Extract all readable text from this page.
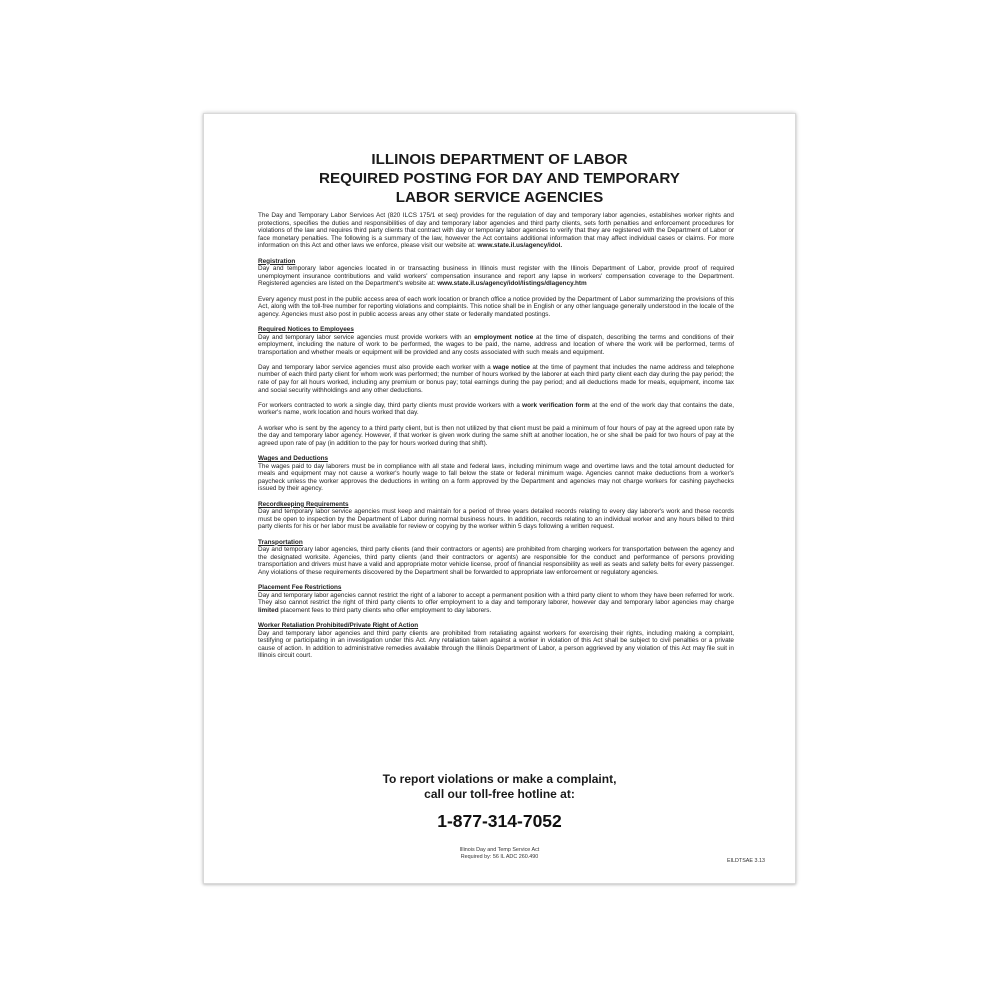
ILLINOIS DEPARTMENT OF LABOR
REQUIRED POSTING FOR DAY AND TEMPORARY
LABOR SERVICE AGENCIES
The Day and Temporary Labor Services Act (820 ILCS 175/1 et seq) provides for the regulation of day and temporary labor agencies, establishes worker rights and protections, specifies the duties and responsibilities of day and temporary labor agencies and third party clients, sets forth penalties and enforcement procedures for violations of the law and requires third party clients that contract with day or temporary labor agencies to verify that they are registered with the Department of Labor or face monetary penalties. The following is a summary of the law, however the Act contains additional information that may affect individual cases or claims. For more information on this Act and other laws we enforce, please visit our website at: www.state.il.us/agency/idol.
Registration
Day and temporary labor agencies located in or transacting business in Illinois must register with the Illinois Department of Labor, provide proof of required unemployment insurance contributions and valid workers' compensation insurance and report any lapse in workers' compensation coverage to the Department. Registered agencies are listed on the Department's website at: www.state.il.us/agency/idol/listings/dlagency.htm
Every agency must post in the public access area of each work location or branch office a notice provided by the Department of Labor summarizing the provisions of this Act, along with the toll-free number for reporting violations and complaints. This notice shall be in English or any other language generally understood in the locale of the agency. Agencies must also post in public access areas any other state or federally mandated postings.
Required Notices to Employees
Day and temporary labor service agencies must provide workers with an employment notice at the time of dispatch, describing the terms and conditions of their employment, including the nature of work to be performed, the wages to be paid, the name, address and location of where the work will be performed, terms of transportation and whether meals or equipment will be provided and any costs associated with such meals and equipment.
Day and temporary labor service agencies must also provide each worker with a wage notice at the time of payment that includes the name address and telephone number of each third party client for whom work was performed; the number of hours worked by the laborer at each third party client each day during the pay period; the rate of pay for all hours worked, including any premium or bonus pay; total earnings during the pay period; and all deductions made for meals, equipment, income tax and social security withholdings and any other deductions.
For workers contracted to work a single day, third party clients must provide workers with a work verification form at the end of the work day that contains the date, worker's name, work location and hours worked that day.
A worker who is sent by the agency to a third party client, but is then not utilized by that client must be paid a minimum of four hours of pay at the agreed upon rate by the day and temporary labor agency. However, if that worker is given work during the same shift at another location, he or she shall be paid for two hours of pay at the agreed upon rate of pay (in addition to the pay for hours worked during that shift).
Wages and Deductions
The wages paid to day laborers must be in compliance with all state and federal laws, including minimum wage and overtime laws and the total amount deducted for meals and equipment may not cause a worker's hourly wage to fall below the state or federal minimum wage. Agencies cannot make deductions from a worker's paycheck unless the worker approves the deductions in writing on a form approved by the Department and agencies may not charge workers for cashing paychecks issued by their agency.
Recordkeeping Requirements
Day and temporary labor service agencies must keep and maintain for a period of three years detailed records relating to every day laborer's work and these records must be open to inspection by the Department of Labor during normal business hours. In addition, records relating to an individual worker and any hours billed to third party clients for his or her labor must be available for review or copying by the worker within 5 days following a written request.
Transportation
Day and temporary labor agencies, third party clients (and their contractors or agents) are prohibited from charging workers for transportation between the agency and the designated worksite. Agencies, third party clients (and their contractors or agents) are responsible for the conduct and performance of persons providing transportation and drivers must have a valid and appropriate motor vehicle license, proof of financial responsibility as well as seats and safety belts for every passenger. Any violations of these requirements discovered by the Department shall be forwarded to appropriate law enforcement or regulatory agencies.
Placement Fee Restrictions
Day and temporary labor agencies cannot restrict the right of a laborer to accept a permanent position with a third party client to whom they have been referred for work. They also cannot restrict the right of third party clients to offer employment to a day and temporary laborer, however day and temporary labor agencies may charge limited placement fees to third party clients who offer employment to day laborers.
Worker Retaliation Prohibited/Private Right of Action
Day and temporary labor agencies and third party clients are prohibited from retaliating against workers for exercising their rights, including making a complaint, testifying or participating in an investigation under this Act. Any retaliation taken against a worker in violation of this Act shall be subject to civil penalties or a private cause of action. In addition to administrative remedies available through the Illinois Department of Labor, a person aggrieved by any violation of this Act may file suit in Illinois circuit court.
To report violations or make a complaint,
call our toll-free hotline at:
1-877-314-7052
Illinois Day and Temp Service Act
Required by: 56 IL ADC 260.490
EILDTSAE 3.13
